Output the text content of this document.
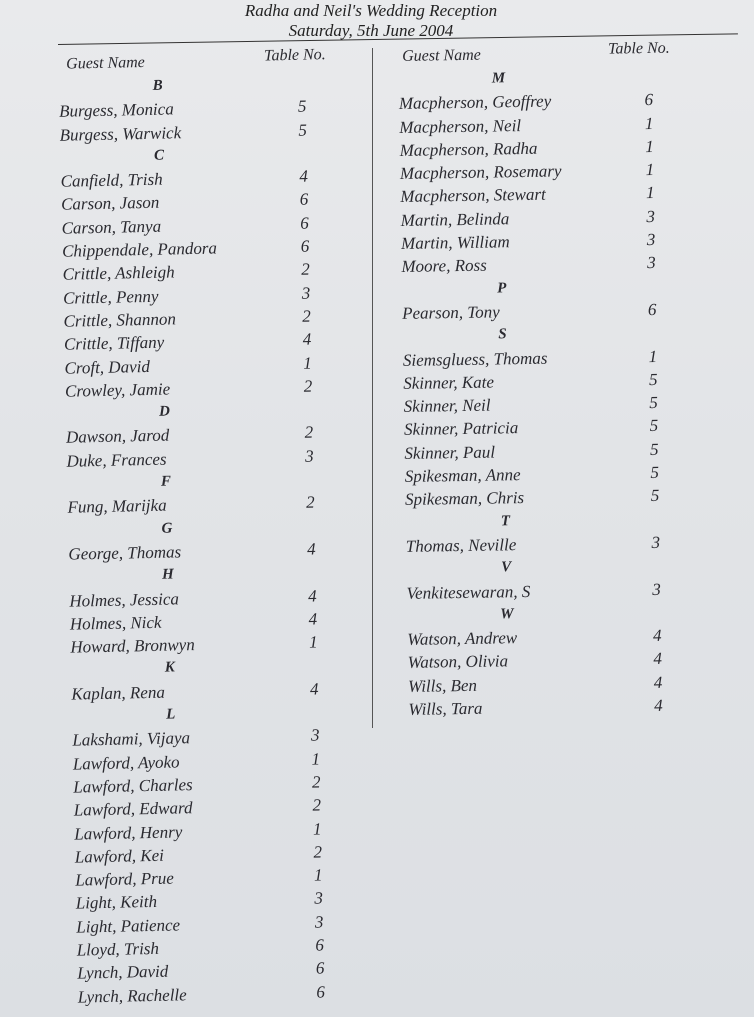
Radha and Neil's Wedding Reception
Saturday, 5th June 2004
Guest Name	Table No.
B
Burgess, Monica	5
Burgess, Warwick	5
C
Canfield, Trish	4
Carson, Jason	6
Carson, Tanya	6
Chippendale, Pandora	6
Crittle, Ashleigh	2
Crittle, Penny	3
Crittle, Shannon	2
Crittle, Tiffany	4
Croft, David	1
Crowley, Jamie	2
D
Dawson, Jarod	2
Duke, Frances	3
F
Fung, Marijka	2
G
George, Thomas	4
H
Holmes, Jessica	4
Holmes, Nick	4
Howard, Bronwyn	1
K
Kaplan, Rena	4
L
Lakshami, Vijaya	3
Lawford, Ayoko	1
Lawford, Charles	2
Lawford, Edward	2
Lawford, Henry	1
Lawford, Kei	2
Lawford, Prue	1
Light, Keith	3
Light, Patience	3
Lloyd, Trish	6
Lynch, David	6
Lynch, Rachelle	6
Guest Name	Table No.
M
Macpherson, Geoffrey	6
Macpherson, Neil	1
Macpherson, Radha	1
Macpherson, Rosemary	1
Macpherson, Stewart	1
Martin, Belinda	3
Martin, William	3
Moore, Ross	3
P
Pearson, Tony	6
S
Siemsgluess, Thomas	1
Skinner, Kate	5
Skinner, Neil	5
Skinner, Patricia	5
Skinner, Paul	5
Spikesman, Anne	5
Spikesman, Chris	5
T
Thomas, Neville	3
V
Venkitesewaran, S	3
W
Watson, Andrew	4
Watson, Olivia	4
Wills, Ben	4
Wills, Tara	4
